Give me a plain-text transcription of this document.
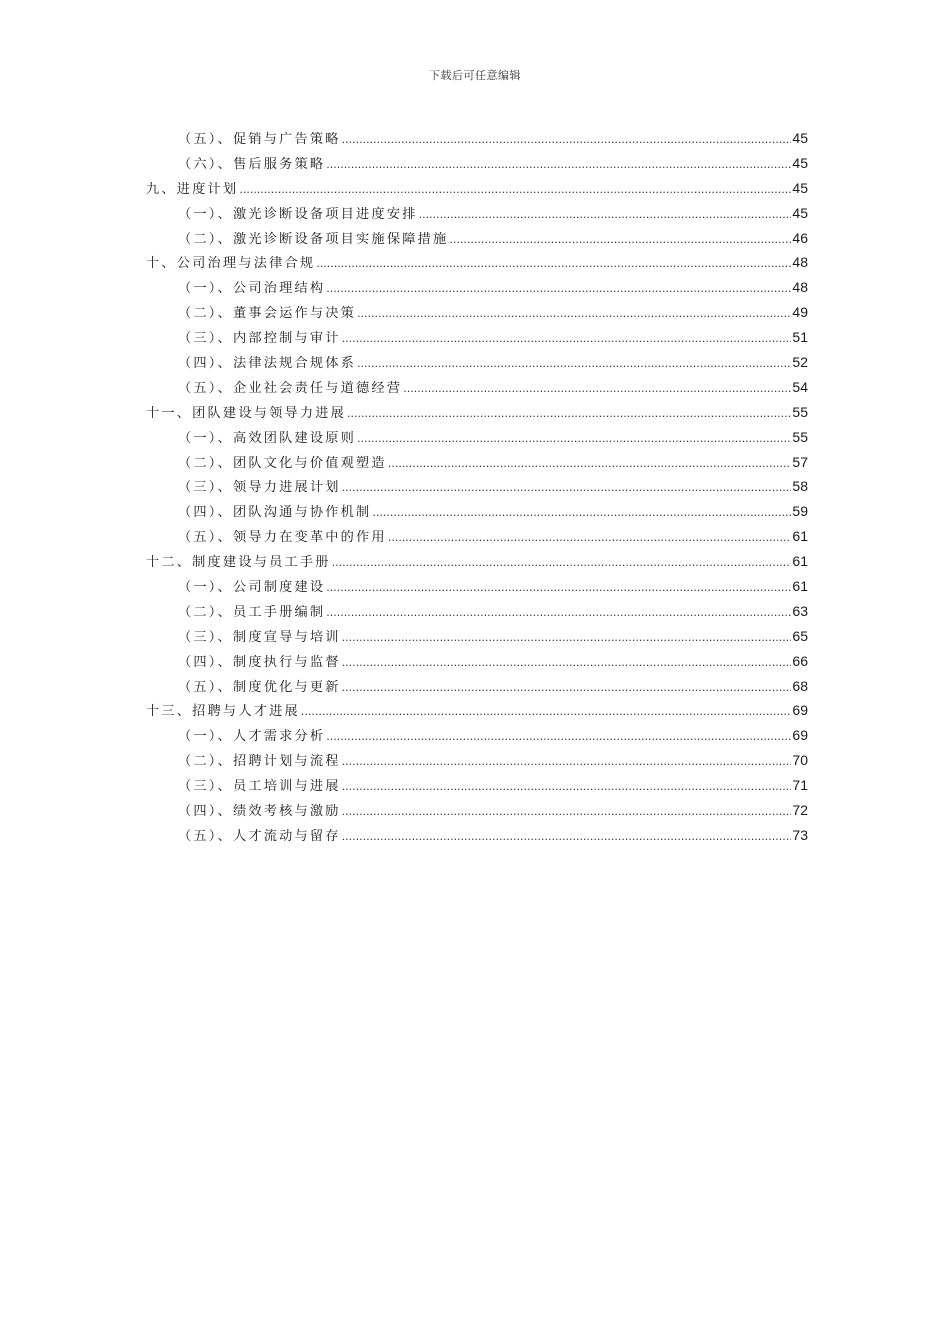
下载后可任意编辑
（五）、促销与广告策略 .....	45
（六）、售后服务策略 .....	45
九、进度计划 .....	45
（一）、激光诊断设备项目进度安排 .....	45
（二）、激光诊断设备项目实施保障措施 .....	46
十、公司治理与法律合规 .....	48
（一）、公司治理结构 .....	48
（二）、董事会运作与决策 .....	49
（三）、内部控制与审计 .....	51
（四）、法律法规合规体系 .....	52
（五）、企业社会责任与道德经营 .....	54
十一、团队建设与领导力进展 .....	55
（一）、高效团队建设原则 .....	55
（二）、团队文化与价值观塑造 .....	57
（三）、领导力进展计划 .....	58
（四）、团队沟通与协作机制 .....	59
（五）、领导力在变革中的作用 .....	61
十二、制度建设与员工手册 .....	61
（一）、公司制度建设 .....	61
（二）、员工手册编制 .....	63
（三）、制度宣导与培训 .....	65
（四）、制度执行与监督 .....	66
（五）、制度优化与更新 .....	68
十三、招聘与人才进展 .....	69
（一）、人才需求分析 .....	69
（二）、招聘计划与流程 .....	70
（三）、员工培训与进展 .....	71
（四）、绩效考核与激励 .....	72
（五）、人才流动与留存 .....	73
